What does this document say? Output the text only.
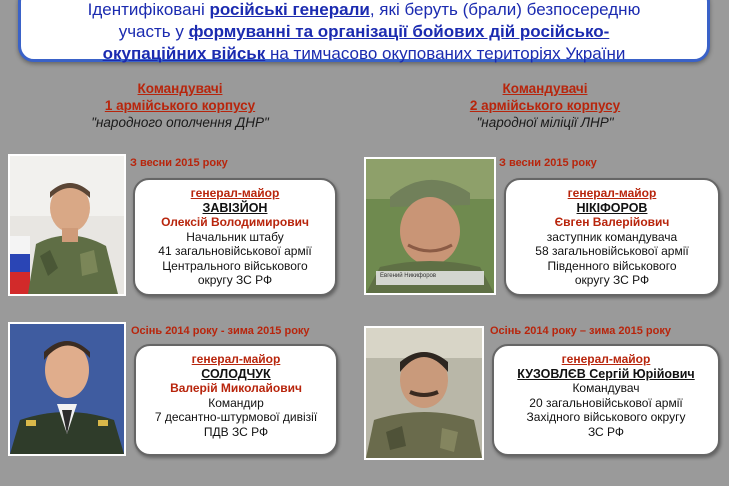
Ідентифіковані російські генерали, які беруть (брали) безпосередню
участь у формуванні та організації бойових дій російсько-
окупаційних військ на тимчасово окупованих територіях України
Командувачі
1 армійського корпусу
"народного ополчення ДНР"
Командувачі
2 армійського корпусу
"народної міліції ЛНР"
Евгений Никифоров
З весни 2015 року	З весни 2015 року
Осінь 2014 року - зима 2015 року	Осінь 2014 року – зима 2015 року
генерал-майор
ЗАВІЗЙОН
Олексій Володимирович
Начальник штабу
41 загальновійськової армії
Центрального військового
округу ЗС РФ
генерал-майор
НІКІФОРОВ
Євген Валерійович
заступник командувача
58 загальновійськової армії
Південного військового
округу ЗС РФ
генерал-майор
СОЛОДЧУК
Валерій Миколайович
Командир
7 десантно-штурмової дивізії
ПДВ ЗС РФ
генерал-майор
КУЗОВЛЄВ Сергій Юрійович
Командувач
20 загальновійськової армії
Західного військового округу
ЗС РФ
